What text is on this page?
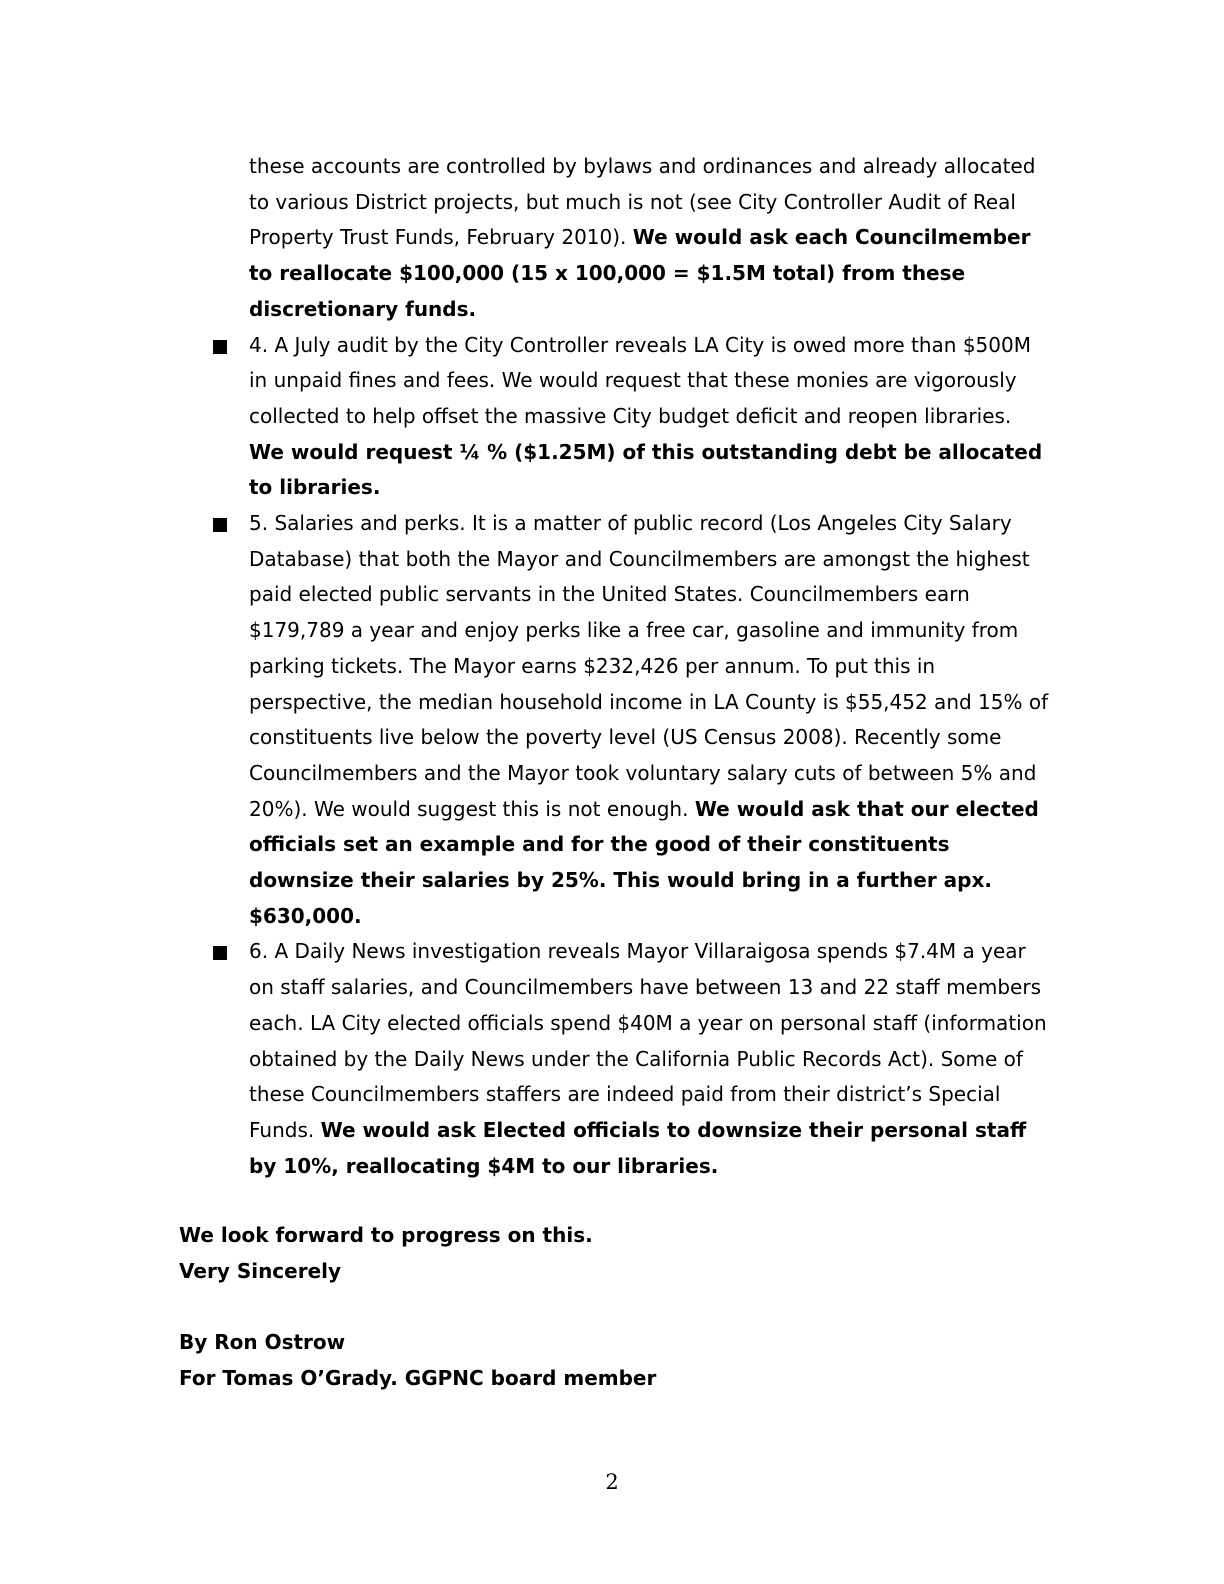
these accounts are controlled by bylaws and ordinances and already allocated to various District projects, but much is not (see City Controller Audit of Real Property Trust Funds, February 2010). We would ask each Councilmember to reallocate $100,000 (15 x 100,000 = $1.5M total) from these discretionary funds.
4. A July audit by the City Controller reveals LA City is owed more than $500M in unpaid fines and fees. We would request that these monies are vigorously collected to help offset the massive City budget deficit and reopen libraries. We would request ¼ % ($1.25M) of this outstanding debt be allocated to libraries.
5. Salaries and perks. It is a matter of public record (Los Angeles City Salary Database) that both the Mayor and Councilmembers are amongst the highest paid elected public servants in the United States. Councilmembers earn $179,789 a year and enjoy perks like a free car, gasoline and immunity from parking tickets. The Mayor earns $232,426 per annum. To put this in perspective, the median household income in LA County is $55,452 and 15% of constituents live below the poverty level (US Census 2008). Recently some Councilmembers and the Mayor took voluntary salary cuts of between 5% and 20%). We would suggest this is not enough. We would ask that our elected officials set an example and for the good of their constituents downsize their salaries by 25%. This would bring in a further apx. $630,000.
6. A Daily News investigation reveals Mayor Villaraigosa spends $7.4M a year on staff salaries, and Councilmembers have between 13 and 22 staff members each. LA City elected officials spend $40M a year on personal staff (information obtained by the Daily News under the California Public Records Act). Some of these Councilmembers staffers are indeed paid from their district’s Special Funds. We would ask Elected officials to downsize their personal staff by 10%, reallocating $4M to our libraries.
We look forward to progress on this.
Very Sincerely
By Ron Ostrow
For Tomas O’Grady. GGPNC board member
2
